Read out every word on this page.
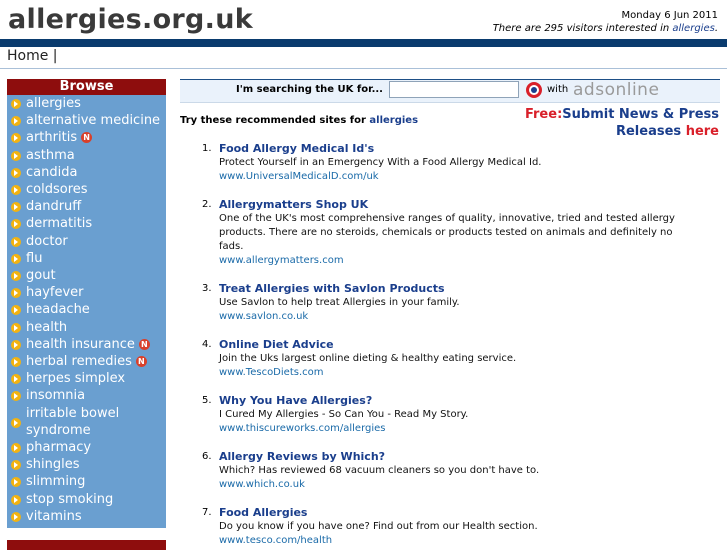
allergies.org.uk	Monday 6 Jun 2011
There are 295 visitors interested in allergies.
Home |
Browse
allergies
alternative medicine
arthritis N
asthma
candida
coldsores
dandruff
dermatitis
doctor
flu
gout
hayfever
headache
health
health insurance N
herbal remedies N
herpes simplex
insomnia
irritable bowel syndrome
pharmacy
shingles
slimming
stop smoking
vitamins
I'm searching the UK for...	with adsonline
Try these recommended sites for allergies	Free:Submit News & Press
Releases here
1. Food Allergy Medical Id's
Protect Yourself in an Emergency With a Food Allergy Medical Id.
www.UniversalMedicalD.com/uk
2. Allergymatters Shop UK
One of the UK's most comprehensive ranges of quality, innovative, tried and tested allergy products. There are no steroids, chemicals or products tested on animals and definitely no fads.
www.allergymatters.com
3. Treat Allergies with Savlon Products
Use Savlon to help treat Allergies in your family.
www.savlon.co.uk
4. Online Diet Advice
Join the Uks largest online dieting & healthy eating service.
www.TescoDiets.com
5. Why You Have Allergies?
I Cured My Allergies - So Can You - Read My Story.
www.thiscureworks.com/allergies
6. Allergy Reviews by Which?
Which? Has reviewed 68 vacuum cleaners so you don't have to.
www.which.co.uk
7. Food Allergies
Do you know if you have one? Find out from our Health section.
www.tesco.com/health
